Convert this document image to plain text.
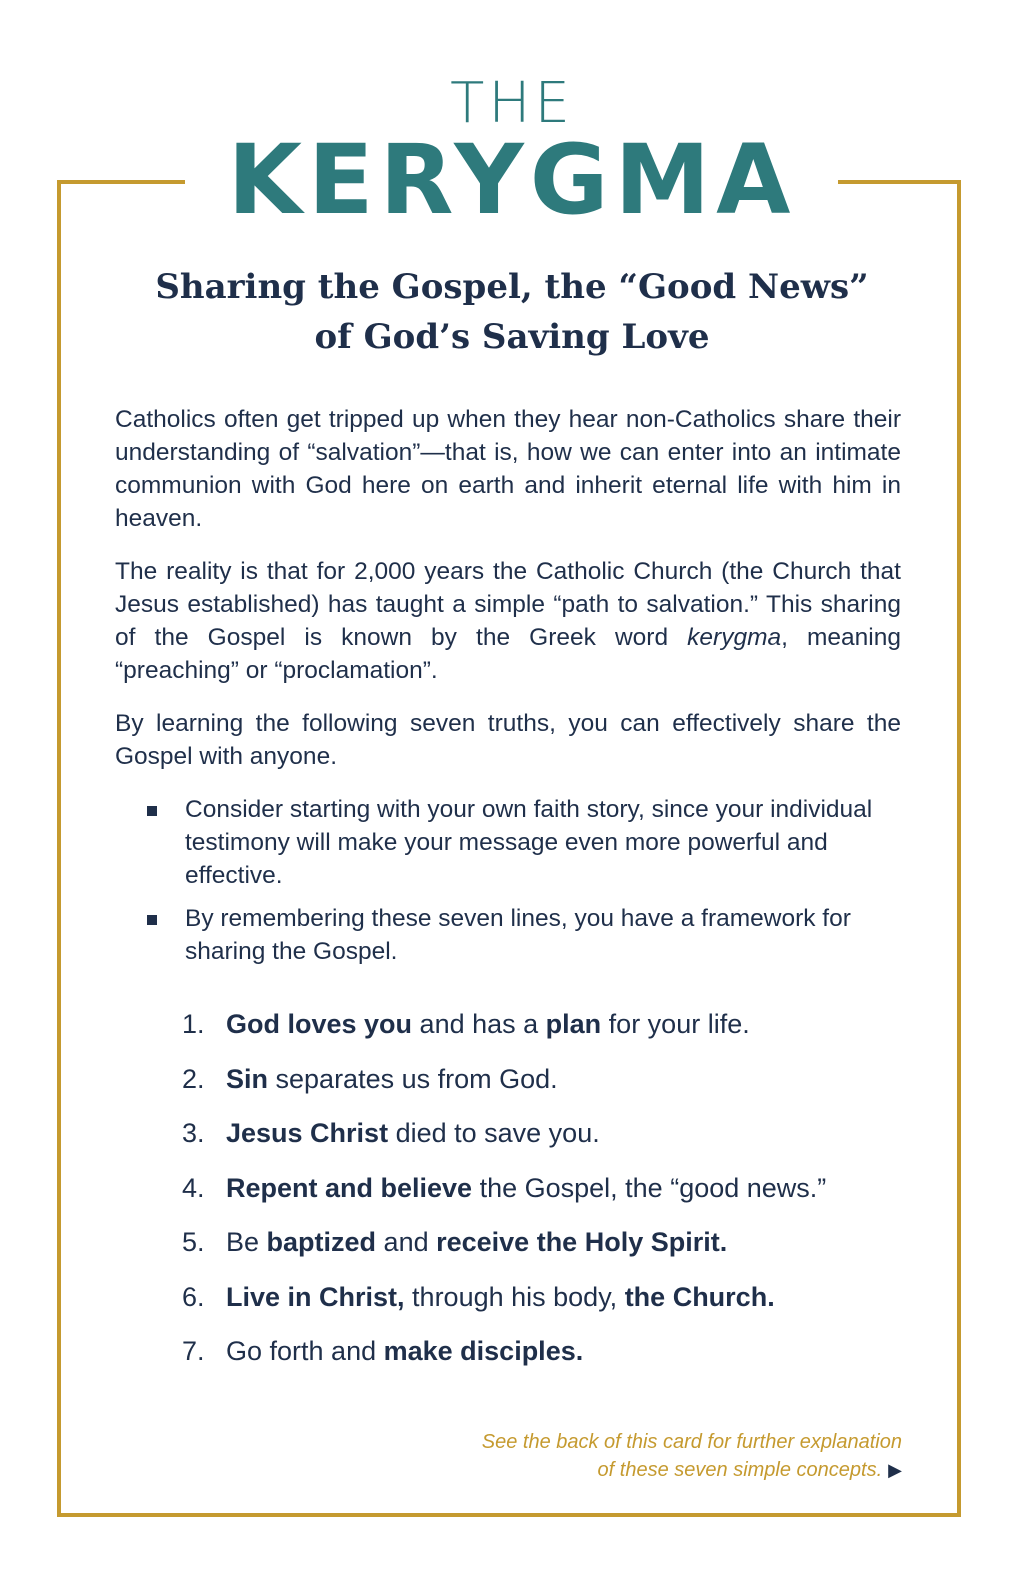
THE
KERYGMA
Sharing the Gospel, the “Good News”
of God’s Saving Love

Catholics often get tripped up when they hear non-Catholics share their understanding of “salvation”—that is, how we can enter into an intimate communion with God here on earth and inherit eternal life with him in heaven.

The reality is that for 2,000 years the Catholic Church (the Church that Jesus established) has taught a simple “path to salvation.” This sharing of the Gospel is known by the Greek word kerygma, meaning “preaching” or “proclamation”.

By learning the following seven truths, you can effectively share the Gospel with anyone.

Consider starting with your own faith story, since your individual testimony will make your message even more powerful and effective.
By remembering these seven lines, you have a framework for sharing the Gospel.
1. God loves you and has a plan for your life.
2. Sin separates us from God.
3. Jesus Christ died to save you.
4. Repent and believe the Gospel, the “good news.”
5. Be baptized and receive the Holy Spirit.
6. Live in Christ, through his body, the Church.
7. Go forth and make disciples.
See the back of this card for further explanation
of these seven simple concepts. ▶
